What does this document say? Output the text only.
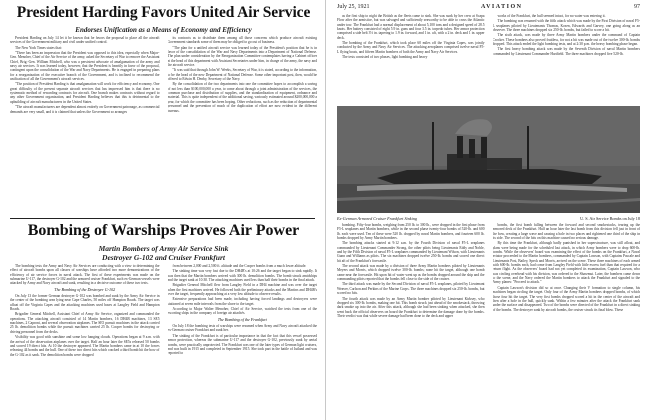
President Harding Favors United Air Service
Endorses Unification as a Means of Economy and Efficiency

President Harding on July 14 let it be known that he favors the proposal to place all the aircraft services of the Government military and civil under unified control.

The New York Times states that:

"There has been an impression that the President was opposed to this idea, especially when Major-Gen. Menoher, Chief of the Air Service of the army, asked the Secretary of War to remove the Assistant Chief, Brig.-Gen. William Mitchell, who was a persistent advocate of amalgamation of the army and navy air services. It was learned today, however, that the President is heartily in favor of the proposal, contingent upon the consolidation of the War and Navy Departments. He is engaged in preparing plans for a reorganization of the executive branch of the Government, and is inclined to recommend the unification of all the Government's aircraft services.

"The position of President Harding is that amalgamation will work for efficiency and economy. One great difficulty of the present separate aircraft services that has impressed him is that there is no systematic method of rewarding contracts for aircraft. One branch makes contracts without regard to any other Government organization, and President Harding believes that this is detrimental to the upbuilding of aircraft manufacturers in the United States.

"The aircraft manufacturers are dependent almost entirely on Government patronage, as commercial demands are very small, and it is claimed that unless the Government so arranges

its contracts as to distribute them among all those concerns which produce aircraft existing Government standards some of them may be obliged to go out of business.

"The plan for a unified aircraft service was learned today of the President's position that he is in favor of the consolidation of the War and Navy Departments into a Department of National Defense. The plan under consideration by the Reorganization Committee contemplates having a Cabinet officer at the head of this department with Assistant Secretaries under him, in charge of the army, the navy and the aircraft service.

"It was said that through John W. Weeks, Secretary of War, it is stated, according to the information, to be the head of the new Department of National Defense. Some other important post, then, would be offered to Edwin H. Denby, Secretary of the Navy.

By the consolidation of the two departments into one the committee hopes to accomplish a saving of not less than $100,000,000 a year, to come about through a joint administration of the services, the common purchase and distribution of supplies, and the standardization of equipment, ordnance and material. This is quite independent of the additional saving, variously estimated around $200,000,000 a year, for which the committee has been hoping. Other reductions, such as the reduction of departmental personnel and the prevention of much of the duplication of effort are now evident in the different bureaus.

Bombing of Warships Proves Air Power
Martin Bombers of Army Air Service Sink
Destroyer G-102 and Cruiser Frankfurt

The bombing tests the Army and Navy Air Services are conducting with a view to determining the effect of aircraft bombs upon all classes of warships have afforded two more demonstrations of the efficiency of air service forces in naval attack. The first of these experiments was made on the submarine U-117, the destroyer G-102 and the armored cruiser Frankfurt, such ex-German vessels were attacked by Army and Navy aircraft and sunk, resulting in a decisive outcome of these two tests.

The Bombing of the Destroyer G-102

On July 13 the former German destroyer G-102 was bombed and sunk by the Army Air Service in the center of the bombing area lying near Cape Charles, 50 miles off Hampton Roads. The target was afloat off the Virginia Capes and the attacking machines used bases at Langley Field and Hampton Roads.

Brigadier General Mitchell, Assistant Chief of Army Air Service, organized and commanded the operations. The attacking aircraft consisted of 14 Martin bombers, 16 DH4B machines, 13 SE5 machines, 2 Caproni, and several observation airplanes. The SE5 pursuit machines in the attack carried 25 lb. demolition bombs while the pursuit machines carried 25 lb. Cooper bombs for destroying or driving personnel from the decks.

Visibility was good with sunshine and some low hanging clouds. Operations began at 9 a.m. with the arrival of the observation airplanes over the target. Half an hour later the SE5s released 50 bombs and scored 19 direct hits. At 10 the destroyer appeared. The Martin bombers came in at 10 the forces releasing 44 bombs and the hull. One of these two direct hits which cracked a third bomb hit the bow of the G-102 as it sank. The demolition bombs were dropped

from between 2,000 and 2,500 ft. altitude and the Cooper bombs from a much lower altitude.

The sinking time was very fast due to the DH4B's at 10:26 and the target began to sink rapidly. It was then that the Martin bombers arrived with 300 lb. demolition bombs. The bomb struck amidships and the target sank at 10:30. The attacking machines used less than half their bombs in the final attack.

Brigadier General Mitchell flew from Langley Field in a DH4 machine and was over the target when the first machines arrived. He followed both the preliminary attacks and the Martins and DH4B's over the target, frequently approaching at a very low altitude to observe results.

Extensive preparations had been made, including having forced landings and destroyers were stationed at seven mile intervals from the shore to the target.

According to Major Walter Menoher, Chief of Air Service, watched the tests from one of the escorting ships in the company of foreign air attachés.

The Bombing of the Frankfurt

On July 18 the bombing tests of warships were resumed when Army and Navy aircraft attacked the ex-German cruiser Frankfurt and sunk her.

The sinking of the Frankfurt is of particular importance in that the fact that this vessel possessed armor protection, whereas the submarine U-117 and the destroyer G-102, previously sunk by aerial bombs, were practically unprotected. The Frankfurt was one of the later types of German light cruisers, and was built in 1915 and completed in September 1915. She took part in the battle of Jutland and was reported to

July 25, 1921	AVIATION	97

as the first ship to night the British as the fleets came to sink. She was sunk by her crew at Scapa Flow after the armistice, but was salvaged and sufficiently seaworthy to be able to cross the Atlantic under tow. The Frankfurt had a normal displacement of about 5,100 tons and a designed speed of 28.5 knots. Her battery consisted of eight 5.9 in. guns and four 3.5 in. torpedo tubes. Her armor protection comprised a side belt 3½ in. tapering to 1.9 in. forward, and 1 in. aft, with a 2 in. deck and 1 in. upper deck.

The bombing of the Frankfurt, which took place 60 miles off the Virginia Capes, was jointly conducted by the Army and Navy Air Services. The attacking aeroplanes comprised twelve naval F5-L flying boats, and fifteen Martin bombers of both the Army and Navy Air Services.

The tests consisted of two phases, light bombing and heavy

works of the Frankfurt, the hull seemed intact, for no water was entering it.

The bombing was resumed with the fifth attack which was made by the First Division of naval F5-L seaplanes piloted by Lieutenants Thomas, Kosen, Edwards and Garvey, one going along as an observer. The three machines dropped six 250-lb. bombs, but failed to score a hit.

The sixth attack, was made by three Army Martin bombers under the command of Captain Crocker. These bombers also proved fruitless, for not a hit was made out of the twelve 300-lb. bombs dropped. This attack ended the light bombing tests, and at 2:30 p.m. the heavy bombing phase began.

The first heavy bombing attack was made by the Seventh Division of naval Martin bombers commanded by Lieutenant Commander Hartfield. The three machines dropped five 520-lb.

Ex-German Armored Cruiser Frankfurt Sinking	U. S. Air Service Bombs on July 18

bombing. Fifty-four bombs, weighing from 250 lb. to 300 lb., were dropped in the first phase from F5-L seaplanes and Martin bombers, while in the second phase twenty-four bombs of 520-lb. and 600 lb. each were used. Ten of these were 520 lb. dropped by naval Martin bombers, and fourteen 600 lb. bombs dropped by Army Martin bombers.

The bombing attacks started at 9:12 a.m. by the Fourth Division of naval F5-L seaplanes commanded by Lieutenant Commander Strong, the other pilots being Lieutenants Eddy and Noble, and by the Fifth Division of naval F5-L seaplanes commanded by Lieutenant Wilson, with Lieutenants Gunn and Williams as pilots. The six machines dropped twelve 250-lb. bombs and scored one direct hit aft of the Frankfurt's forecastle.

The second attack was made by a division of three Army Martin bombers piloted by Lieutenants Meyers and Morris, which dropped twelve 300-lb. bombs; none hit the target, although one bomb came near the forecastle. Hit upon hit of water went up as the bombs dropped around the ship and the commanding pilots reported that the bombs fell close to the side of the cruiser.

The third attack was made by the Second Division of naval F5-L seaplanes, piloted by Lieutenant Weaver, Carlson and Perkins of the Marine Corps. The three machines dropped six 250-lb. bombs, but scored no hits.

The fourth attack was made by an Army Martin bomber piloted by Lieutenant Kirksey, who dropped six 300-lb. bombs, making one hit. This bomb struck just ahead of the smokestack, throwing dark smoke up into the air. After this attack, although she had been sinking when attacked, she then went back the official observers on board the Frankfurt to determine the damage done by the bombs. Their verdict was that while severe damage had been done to the deck and upper

bombs, the first bomb falling between the forward and second smokestacks, tearing up the armored deck of the Frankfurt. Half an hour later the last bomb from this division fell just in front of the bow, creating a large wave and causing a hole in two places and rightened one third of the ship in its side. The second of the hits on this machine caused no serious damage.

By this time the Frankfurt, although badly punished in her superstructure, was still afloat, and plans were being made for the scheduled last attack, in which Army bombers were to drop 600-lb. bombs. While the observers' board was examining the effect of the bombs on the Frankfurt, a Naval aviator proceeded to the Martin bombers, commanded by Captain Lawson, with Captains Pascale and Lieutenants Post, Bailey, Speck and Morris, arrived on the scene. These three machines of each armed with 600-lb. bombs each, had come from Langley Field with little excess fuel than that required for a return flight. As the observers' board had not yet completed its examination, Captain Lawson, who was circling overhead with his division, was ordered to the Shawmut. Later, the bombers came down to the scene, and the Navy ordered the Martin bombers to attack the Frankfurt and signaled to the Army planes: "Proceed to attack."

Captain Lawson's division did so at once. Changing their V formation to single column, his machines began circling the target. Only four of the Army Martin bombers dropped bombs, of which those four hit the target. The very first bombs dropped scored a hit in the center of the aircraft and then after a hole in the hull, quickly sank. Within a few minutes after the attack the Frankfurt sank under the surface and disappeared. Two of the bombs were directed of the Frankfurt in a direct sinking of the bombs. The destroyer sank by aircraft bombs, the cruiser struck its final blow. These
